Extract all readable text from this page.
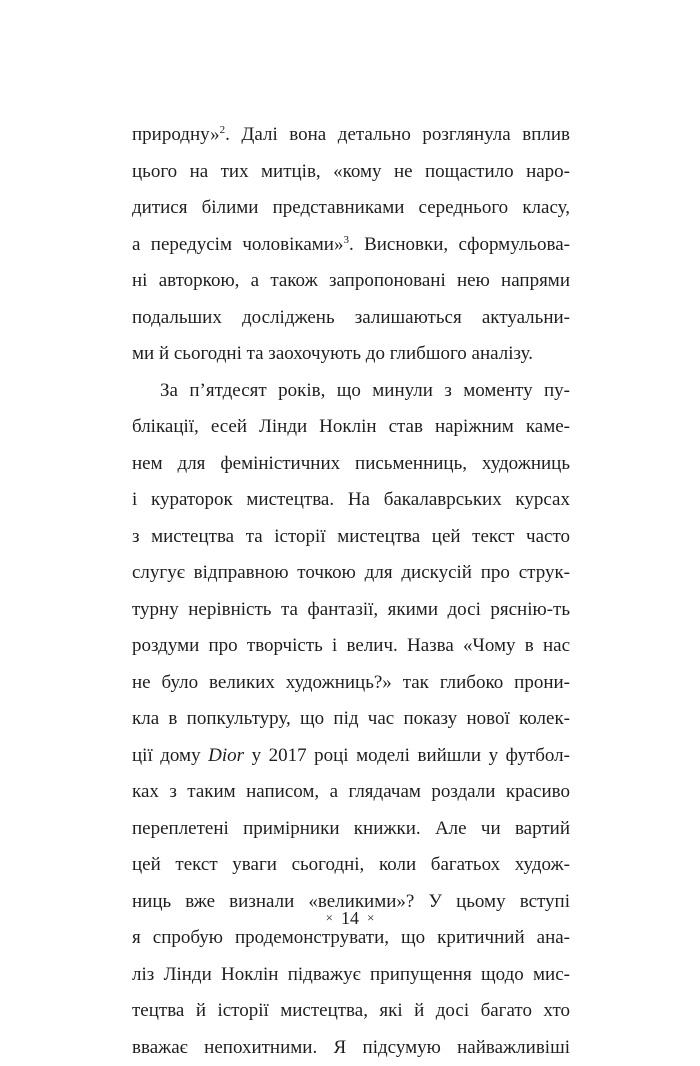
природну»$^2$. Далі вона детально розглянула вплив
цього на тих митців, «кому не пощастило наро-
дитися білими представниками середнього класу,
а передусім чоловіками»$^3$. Висновки, сформульова-
ні авторкою, а також запропоновані нею напрями
подальших досліджень залишаються актуальни-
ми й сьогодні та заохочують до глибшого аналізу.
За п’ятдесят років, що минули з моменту пу-
блікації, есей Лінди Ноклін став наріжним каме-
нем для феміністичних письменниць, художниць
і кураторок мистецтва. На бакалаврських курсах
з мистецтва та історії мистецтва цей текст часто
слугує відправною точкою для дискусій про струк-
турну нерівність та фантазії, якими досі ряснію-ть
роздуми про творчість і велич. Назва «Чому в нас
не було великих художниць?» так глибоко прони-
кла в попкультуру, що під час показу нової колек-
ції дому Dior у 2017 році моделі вийшли у футбол-
ках з таким написом, а глядачам роздали красиво
переплетені примірники книжки. Але чи вартий
цей текст уваги сьогодні, коли багатьох худож-
ниць вже визнали «великими»? У цьому вступі
я спробую продемонструвати, що критичний ана-
ліз Лінди Ноклін підважує припущення щодо мис-
тецтва й історії мистецтва, які й досі багато хто
вважає непохитними. Я підсумую найважливіші
× 14 ×
